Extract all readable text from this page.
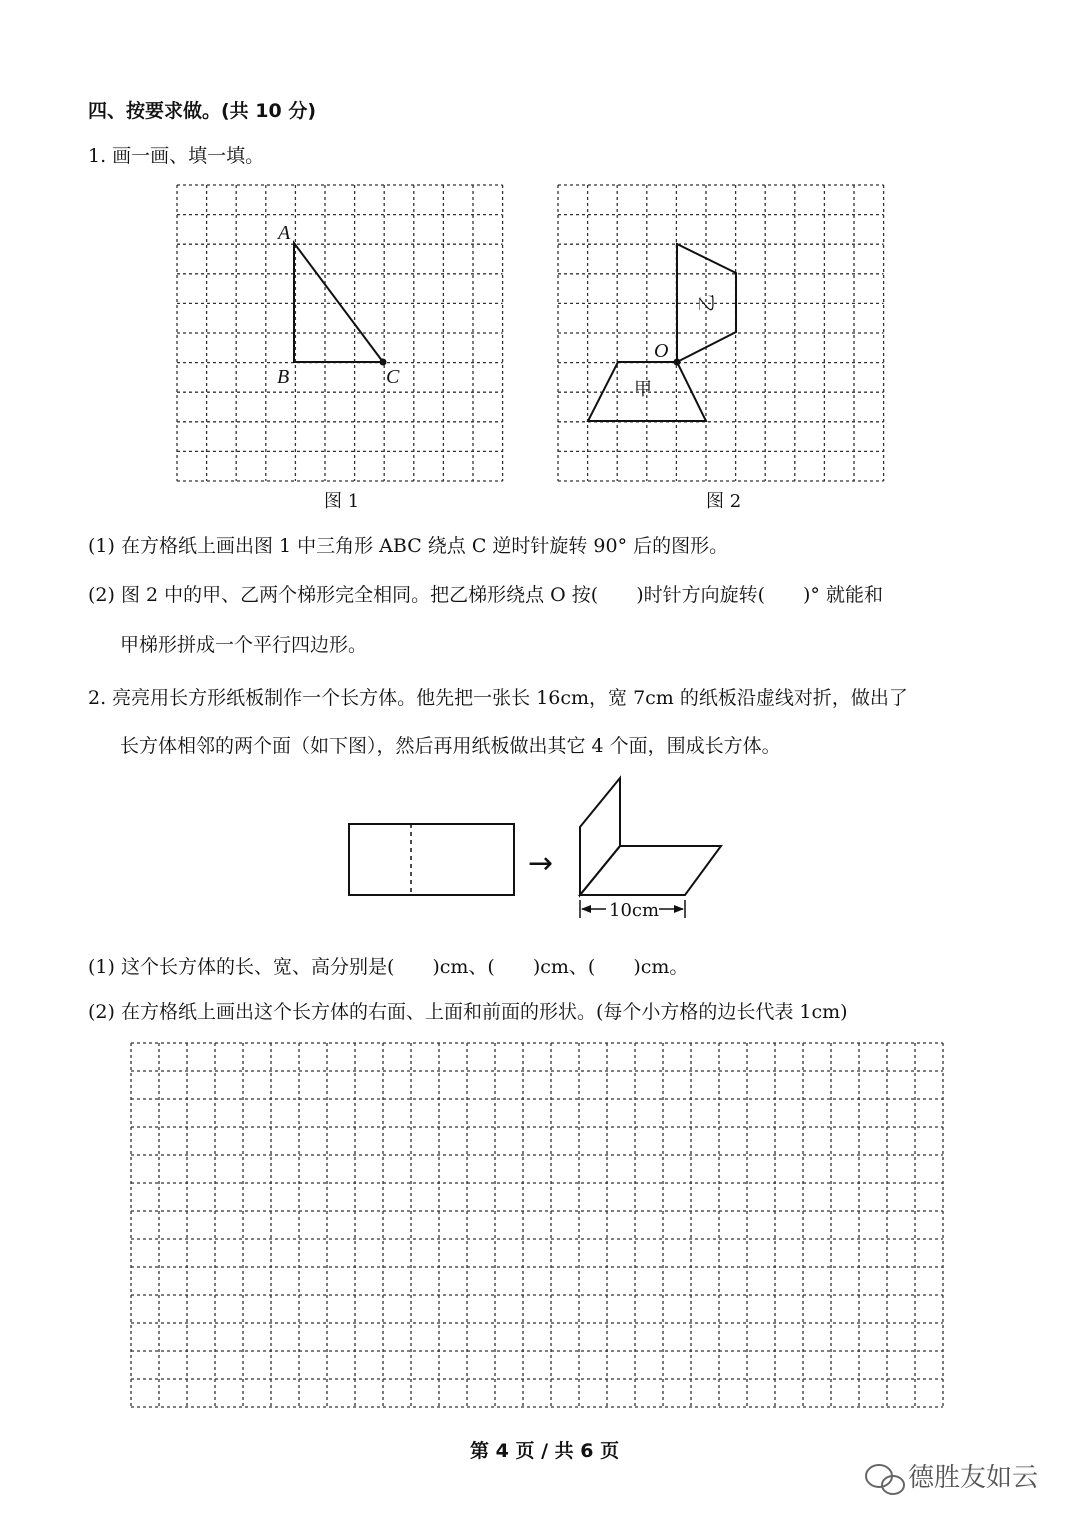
四、按要求做。(共 10 分)
1. 画一画、填一填。
(1) 在方格纸上画出图 1 中三角形 ABC 绕点 C 逆时针旋转 90° 后的图形。
(2) 图 2 中的甲、乙两个梯形完全相同。把乙梯形绕点 O 按(　　)时针方向旋转(　　)° 就能和
甲梯形拼成一个平行四边形。
2. 亮亮用长方形纸板制作一个长方体。他先把一张长 16cm，宽 7cm 的纸板沿虚线对折，做出了
长方体相邻的两个面（如下图），然后再用纸板做出其它 4 个面，围成长方体。
(1) 这个长方体的长、宽、高分别是(　　)cm、(　　)cm、(　　)cm。
(2) 在方格纸上画出这个长方体的右面、上面和前面的形状。(每个小方格的边长代表 1cm)
第 4 页 / 共 6 页
德胜友如云
A
B	C
图 1
O
甲
乙
图 2
→
10cm
